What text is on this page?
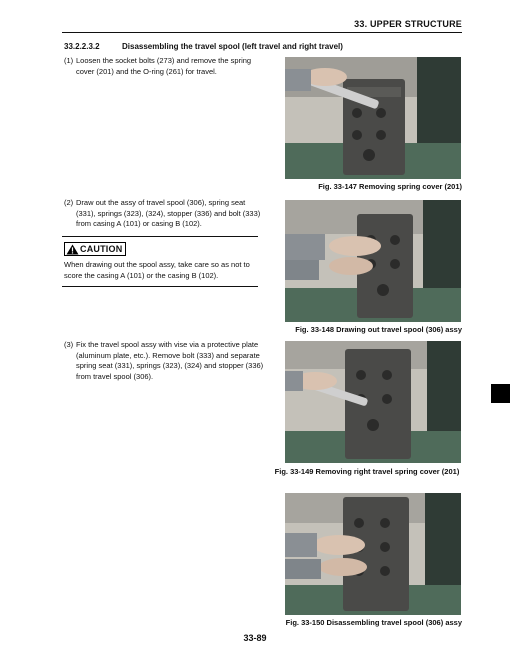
33. UPPER STRUCTURE
33.2.2.3.2	Disassembling the travel spool (left travel and right travel)
(1) Loosen the socket bolts (273) and remove the spring cover (201) and the O-ring (261) for travel.
(2) Draw out the assy of travel spool (306), spring seat (331), springs (323), (324), stopper (336) and bolt (333) from casing A (101) or casing B (102).
CAUTION
When drawing out the spool assy, take care so as not to score the casing A (101) or the casing B (102).
(3) Fix the travel spool assy with vise via a protective plate (aluminum plate, etc.). Remove bolt (333) and separate spring seat (331), springs (323), (324) and stopper (336) from travel spool (306).
Fig. 33-147 Removing spring cover (201)
Fig. 33-148 Drawing out travel spool (306) assy
Fig. 33-149 Removing right travel spring cover (201)
Fig. 33-150 Disassembling travel spool (306) assy
33-89
